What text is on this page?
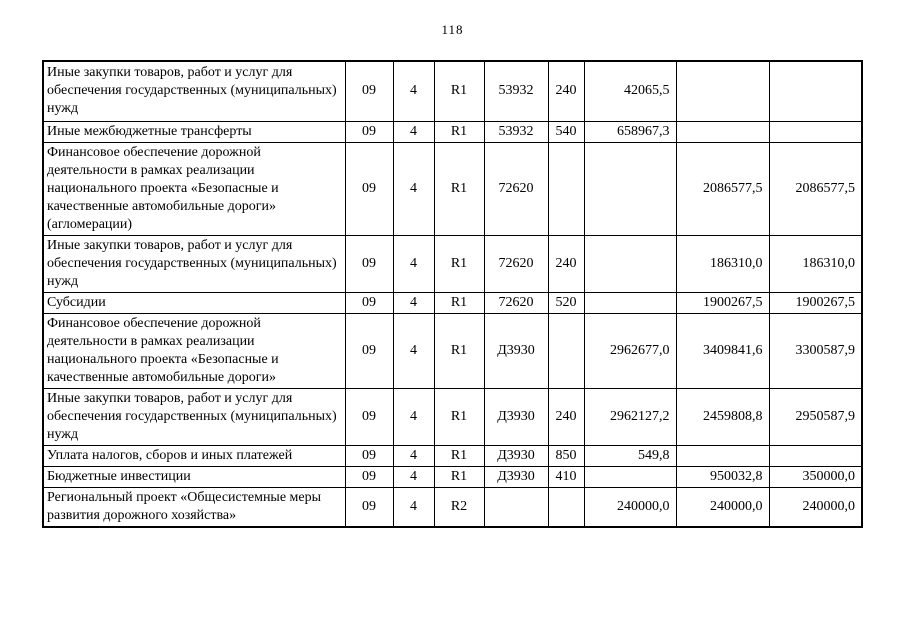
118
Иные закупки товаров, работ и услуг для обеспечения государственных (муниципальных) нужд	09	4	R1	53932	240	42065,5		
Иные межбюджетные трансферты	09	4	R1	53932	540	658967,3		
Финансовое обеспечение дорожной деятельности в рамках реализации национального проекта «Безопасные и качественные автомобильные дороги» (агломерации)	09	4	R1	72620			2086577,5	2086577,5
Иные закупки товаров, работ и услуг для обеспечения государственных (муниципальных) нужд	09	4	R1	72620	240		186310,0	186310,0
Субсидии	09	4	R1	72620	520		1900267,5	1900267,5
Финансовое обеспечение дорожной деятельности в рамках реализации национального проекта «Безопасные и качественные автомобильные дороги»	09	4	R1	Д3930		2962677,0	3409841,6	3300587,9
Иные закупки товаров, работ и услуг для обеспечения государственных (муниципальных) нужд	09	4	R1	Д3930	240	2962127,2	2459808,8	2950587,9
Уплата налогов, сборов и иных платежей	09	4	R1	Д3930	850	549,8		
Бюджетные инвестиции	09	4	R1	Д3930	410		950032,8	350000,0
Региональный проект «Общесистемные меры развития дорожного хозяйства»	09	4	R2			240000,0	240000,0	240000,0
